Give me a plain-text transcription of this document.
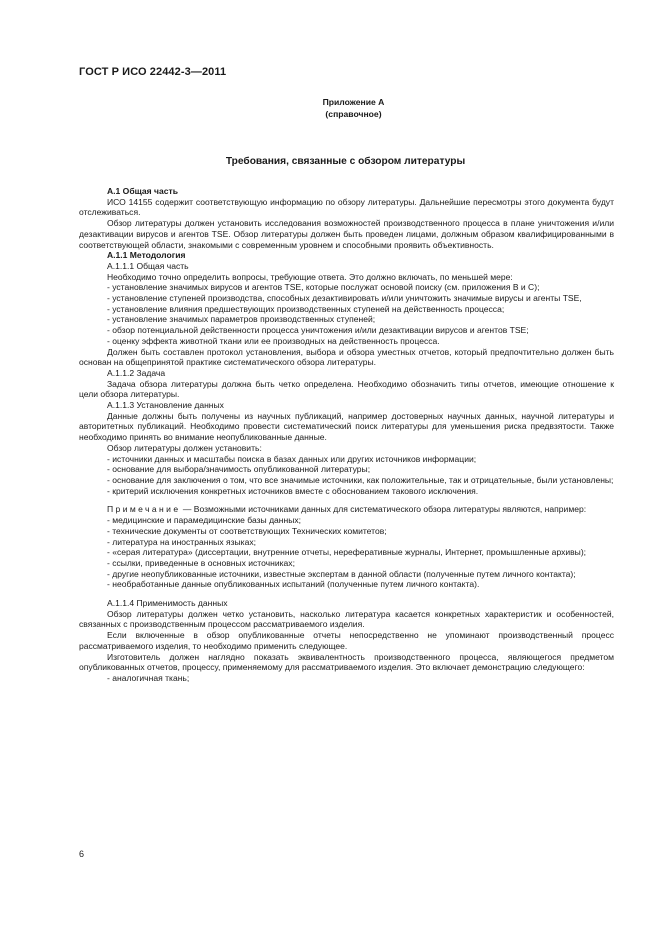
ГОСТ Р ИСО 22442-3—2011
Приложение А
(справочное)
Требования, связанные с обзором литературы

A.1 Общая часть

ИСО 14155 содержит соответствующую информацию по обзору литературы. Дальнейшие пересмотры этого документа будут отслеживаться.

Обзор литературы должен установить исследования возможностей производственного процесса в плане уничтожения и/или дезактивации вирусов и агентов TSE. Обзор литературы должен быть проведен лицами, должным образом квалифицированными в соответствующей области, знакомыми с современным уровнем и способными проявить объективность.

A.1.1 Методология

A.1.1.1 Общая часть

Необходимо точно определить вопросы, требующие ответа. Это должно включать, по меньшей мере:

- установление значимых вирусов и агентов TSE, которые послужат основой поиску (см. приложения В и С);

- установление ступеней производства, способных дезактивировать и/или уничтожить значимые вирусы и агенты TSE,

- установление влияния предшествующих производственных ступеней на действенность процесса;

- установление значимых параметров производственных ступеней;

- обзор потенциальной действенности процесса уничтожения и/или дезактивации вирусов и агентов TSE;

- оценку эффекта животной ткани или ее производных на действенность процесса.

Должен быть составлен протокол установления, выбора и обзора уместных отчетов, который предпочтительно должен быть основан на общепринятой практике систематического обзора литературы.

A.1.1.2 Задача

Задача обзора литературы должна быть четко определена. Необходимо обозначить типы отчетов, имеющие отношение к цели обзора литературы.

A.1.1.3 Установление данных

Данные должны быть получены из научных публикаций, например достоверных научных данных, научной литературы и авторитетных публикаций. Необходимо провести систематический поиск литературы для уменьшения риска предвзятости. Также необходимо принять во внимание неопубликованные данные.

Обзор литературы должен установить:

- источники данных и масштабы поиска в базах данных или других источников информации;

- основание для выбора/значимость опубликованной литературы;

- основание для заключения о том, что все значимые источники, как положительные, так и отрицательные, были установлены;

- критерий исключения конкретных источников вместе с обоснованием такового исключения.

Примечание — Возможными источниками данных для систематического обзора литературы являются, например:

- медицинские и парамедицинские базы данных;

- технические документы от соответствующих Технических комитетов;

- литература на иностранных языках;

- «серая литература» (диссертации, внутренние отчеты, нереферативные журналы, Интернет, промышленные архивы);

- ссылки, приведенные в основных источниках;

- другие неопубликованные источники, известные экспертам в данной области (полученные путем личного контакта);

- необработанные данные опубликованных испытаний (полученные путем личного контакта).

A.1.1.4 Применимость данных

Обзор литературы должен четко установить, насколько литература касается конкретных характеристик и особенностей, связанных с производственным процессом рассматриваемого изделия.

Если включенные в обзор опубликованные отчеты непосредственно не упоминают производственный процесс рассматриваемого изделия, то необходимо применить следующее.

Изготовитель должен наглядно показать эквивалентность производственного процесса, являющегося предметом опубликованных отчетов, процессу, применяемому для рассматриваемого изделия. Это включает демонстрацию следующего:

- аналогичная ткань;

6
